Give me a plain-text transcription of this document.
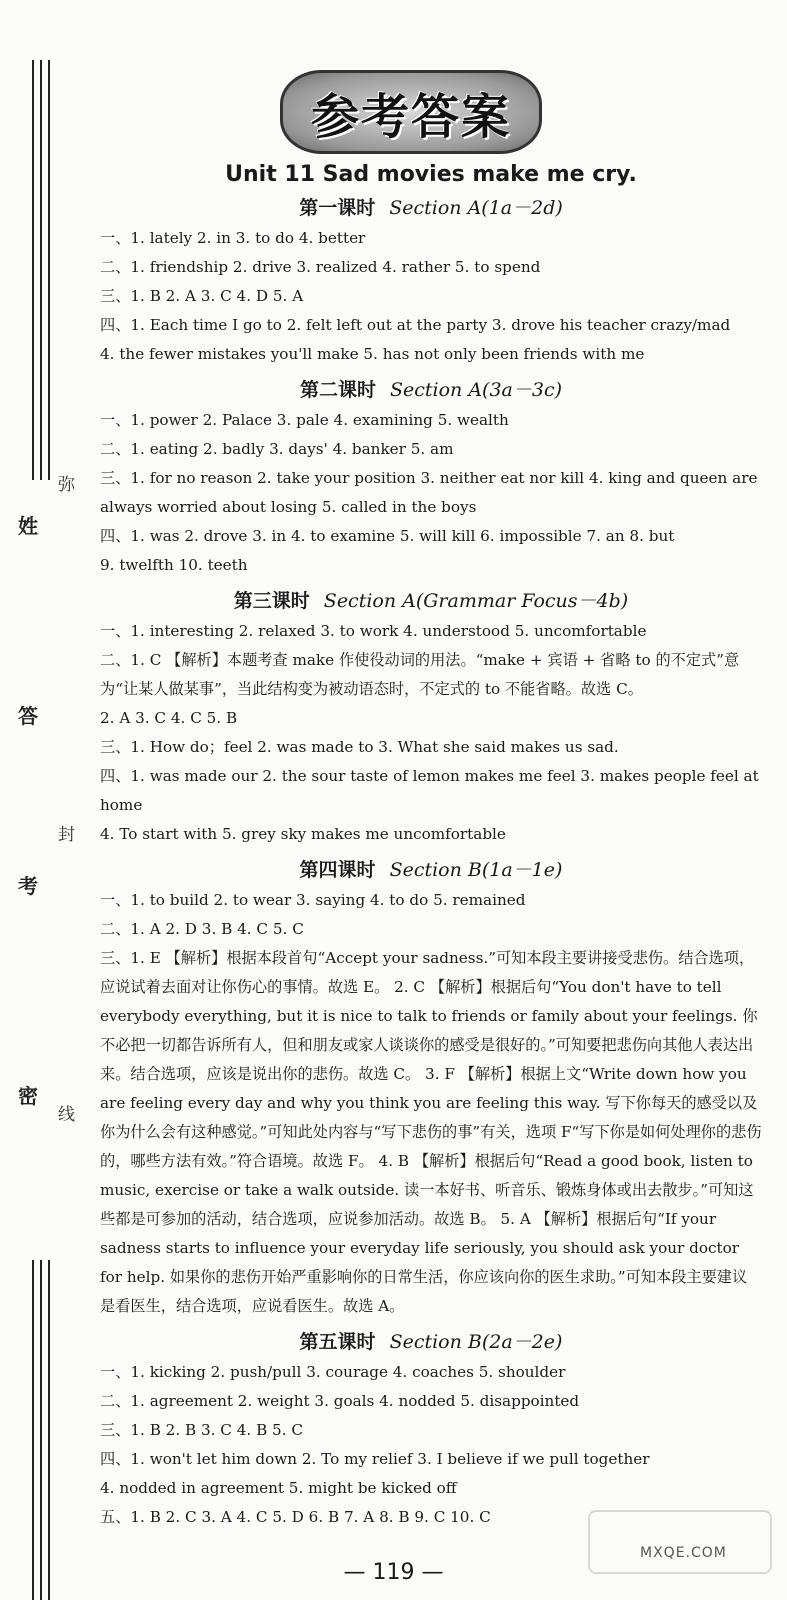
弥
姓
答
封
考
密
线
参考答案
Unit 11 Sad movies make me cry.
第一课时 Section A(1a－2d)
一、1. lately 2. in 3. to do 4. better
二、1. friendship 2. drive 3. realized 4. rather 5. to spend
三、1. B 2. A 3. C 4. D 5. A
四、1. Each time I go to 2. felt left out at the party 3. drove his teacher crazy/mad
4. the fewer mistakes you'll make 5. has not only been friends with me
第二课时 Section A(3a－3c)
一、1. power 2. Palace 3. pale 4. examining 5. wealth
二、1. eating 2. badly 3. days' 4. banker 5. am
三、1. for no reason 2. take your position 3. neither eat nor kill 4. king and queen are always worried about losing 5. called in the boys
四、1. was 2. drove 3. in 4. to examine 5. will kill 6. impossible 7. an 8. but
9. twelfth 10. teeth
第三课时 Section A(Grammar Focus－4b)
一、1. interesting 2. relaxed 3. to work 4. understood 5. uncomfortable
二、1. C 【解析】本题考查 make 作使役动词的用法。“make + 宾语 + 省略 to 的不定式”意为“让某人做某事”，当此结构变为被动语态时，不定式的 to 不能省略。故选 C。
2. A 3. C 4. C 5. B
三、1. How do；feel 2. was made to 3. What she said makes us sad.
四、1. was made our 2. the sour taste of lemon makes me feel 3. makes people feel at home
4. To start with 5. grey sky makes me uncomfortable
第四课时 Section B(1a－1e)
一、1. to build 2. to wear 3. saying 4. to do 5. remained
二、1. A 2. D 3. B 4. C 5. C
三、1. E 【解析】根据本段首句“Accept your sadness.”可知本段主要讲接受悲伤。结合选项，应说试着去面对让你伤心的事情。故选 E。 2. C 【解析】根据后句“You don't have to tell everybody everything, but it is nice to talk to friends or family about your feelings. 你不必把一切都告诉所有人，但和朋友或家人谈谈你的感受是很好的。”可知要把悲伤向其他人表达出来。结合选项，应该是说出你的悲伤。故选 C。 3. F 【解析】根据上文“Write down how you are feeling every day and why you think you are feeling this way. 写下你每天的感受以及你为什么会有这种感觉。”可知此处内容与“写下悲伤的事”有关，选项 F“写下你是如何处理你的悲伤的，哪些方法有效。”符合语境。故选 F。 4. B 【解析】根据后句“Read a good book, listen to music, exercise or take a walk outside. 读一本好书、听音乐、锻炼身体或出去散步。”可知这些都是可参加的活动，结合选项，应说参加活动。故选 B。 5. A 【解析】根据后句“If your sadness starts to influence your everyday life seriously, you should ask your doctor for help. 如果你的悲伤开始严重影响你的日常生活，你应该向你的医生求助。”可知本段主要建议是看医生，结合选项，应说看医生。故选 A。
第五课时 Section B(2a－2e)
一、1. kicking 2. push/pull 3. courage 4. coaches 5. shoulder
二、1. agreement 2. weight 3. goals 4. nodded 5. disappointed
三、1. B 2. B 3. C 4. B 5. C
四、1. won't let him down 2. To my relief 3. I believe if we pull together
4. nodded in agreement 5. might be kicked off
五、1. B 2. C 3. A 4. C 5. D 6. B 7. A 8. B 9. C 10. C
MXQE.COM
— 119 —
